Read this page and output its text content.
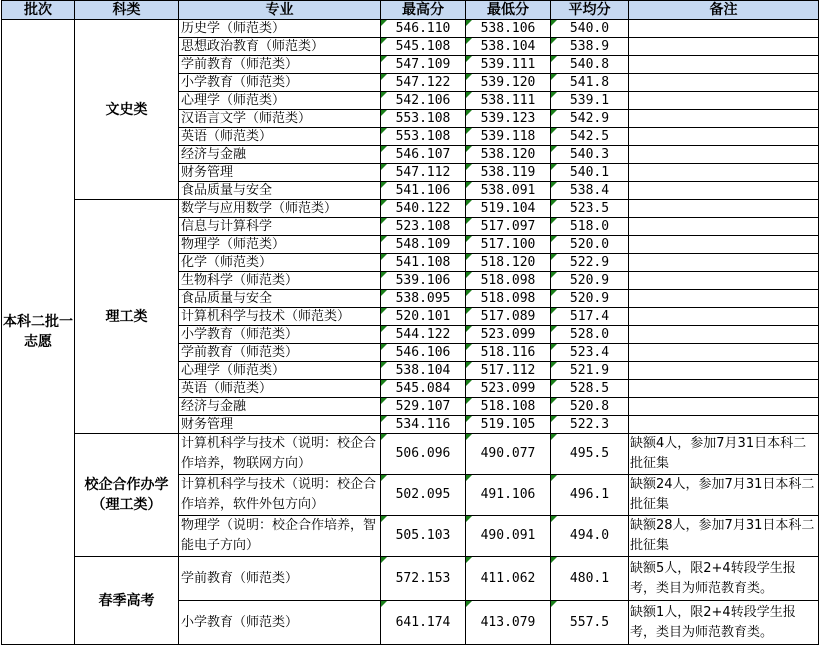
批次	科类	专业	最高分	最低分	平均分	备注
本科二批一志愿	文史类	历史学（师范类）	546.110	538.106	540.0	
		思想政治教育（师范类）	545.108	538.104	538.9	
		学前教育（师范类）	547.109	539.111	540.8	
		小学教育（师范类）	547.122	539.120	541.8	
		心理学（师范类）	542.106	538.111	539.1	
		汉语言文学（师范类）	553.108	539.123	542.9	
		英语（师范类）	553.108	539.118	542.5	
		经济与金融	546.107	538.120	540.3	
		财务管理	547.112	538.119	540.1	
		食品质量与安全	541.106	538.091	538.4	
	理工类	数学与应用数学（师范类）	540.122	519.104	523.5	
		信息与计算科学	523.108	517.097	518.0	
		物理学（师范类）	548.109	517.100	520.0	
		化学（师范类）	541.108	518.120	522.9	
		生物科学（师范类）	539.106	518.098	520.9	
		食品质量与安全	538.095	518.098	520.9	
		计算机科学与技术（师范类）	520.101	517.089	517.4	
		小学教育（师范类）	544.122	523.099	528.0	
		学前教育（师范类）	546.106	518.116	523.4	
		心理学（师范类）	538.104	517.112	521.9	
		英语（师范类）	545.084	523.099	528.5	
		经济与金融	529.107	518.108	520.8	
		财务管理	534.116	519.105	522.3	
	校企合作办学（理工类）	计算机科学与技术（说明：校企合作培养，物联网方向）	506.096	490.077	495.5	缺额4人，参加7月31日本科二批征集
		计算机科学与技术（说明：校企合作培养，软件外包方向）	502.095	491.106	496.1	缺额24人，参加7月31日本科二批征集
		物理学（说明：校企合作培养，智能电子方向）	505.103	490.091	494.0	缺额28人，参加7月31日本科二批征集
	春季高考	学前教育（师范类）	572.153	411.062	480.1	缺额5人，限2+4转段学生报考，类目为师范教育类。
		小学教育（师范类）	641.174	413.079	557.5	缺额1人，限2+4转段学生报考，类目为师范教育类。
